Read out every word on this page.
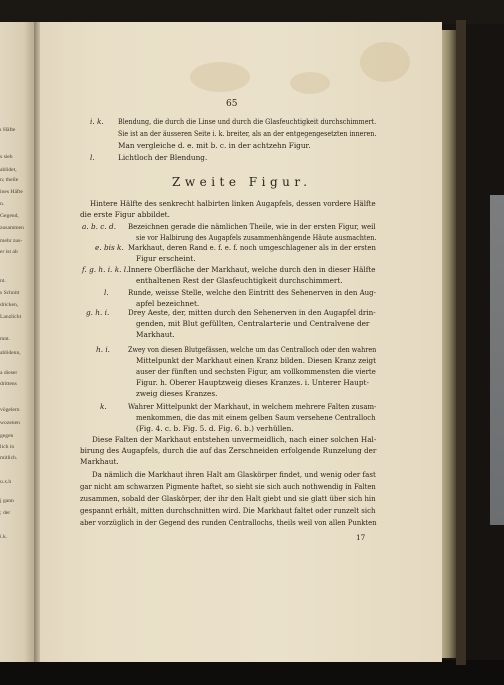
ı Häfte
s sieh
ablidet,
n; theile
ines Häfte
n.
Gegend,
zusammen
mehr zus-
er ist ab
nt.
s Schnitt
dricken,
Lanzlicht
mnt.
ablidenn,
a dieser
drittens
vögelern
wozenen
gegen
lich in
mitlich.
u.x.h
j gann
; der
i.k.
65
i. k. Blendung, die durch die Linse und durch die Glasfeuchtigkeit durchschimmert.
Sie ist an der äusseren Seite i. k. breiter, als an der entgegengesetzten inneren.
Man vergleiche d. e. mit b. c. in der achtzehn Figur.
l.	Lichtloch der Blendung.
Zweite Figur.
Hintere Hälfte des senkrecht halbirten linken Augapfels, dessen vordere Hälfte
die erste Figur abbildet.
a. b. c. d. Bezeichnen gerade die nämlichen Theile, wie in der ersten Figur, weil
sie vor Halbirung des Augapfels zusammenhängende Häute ausmachten.
e. bis k. Markhaut, deren Rand e. f. e. f. noch umgeschlagener als in der ersten
Figur erscheint.
f. g. h. i. k. l. Innere Oberfläche der Markhaut, welche durch den in dieser Hälfte
enthaltenen Rest der Glasfeuchtigkeit durchschimmert.
l.	Runde, weisse Stelle, welche den Eintritt des Sehenerven in den Aug-
apfel bezeichnet.
g. h. i.	Drey Aeste, der, mitten durch den Sehenerven in den Augapfel drin-
genden, mit Blut gefüllten, Centralarterie und Centralvene der
Markhaut.
h. i. Zwey von diesen Blutgefässen, welche um das Centralloch oder den wahren
Mittelpunkt der Markhaut einen Kranz bilden. Diesen Kranz zeigt
auser der fünften und sechsten Figur, am vollkommensten die vierte
Figur. h. Oberer Hauptzweig dieses Kranzes. i. Unterer Haupt-
zweig dieses Kranzes.
k.	Wahrer Mittelpunkt der Markhaut, in welchem mehrere Falten zusam-
menkommen, die das mit einem gelben Saum versehene Centralloch
(Fig. 4. c. b. Fig. 5. d. Fig. 6. b.) verhüllen.
Diese Falten der Markhaut entstehen unvermeidlich, nach einer solchen Hal-
birung des Augapfels, durch die auf das Zerschneiden erfolgende Runzelung der
Markhaut.
Da nämlich die Markhaut ihren Halt am Glaskörper findet, und wenig oder fast
gar nicht am schwarzen Pigmente haftet, so sieht sie sich auch nothwendig in Falten
zusammen, sobald der Glaskörper, der ihr den Halt giebt und sie glatt über sich hin
gespannt erhält, mitten durchschnitten wird. Die Markhaut faltet oder runzelt sich
aber vorzüglich in der Gegend des runden Centrallochs, theils weil von allen Punkten
17
